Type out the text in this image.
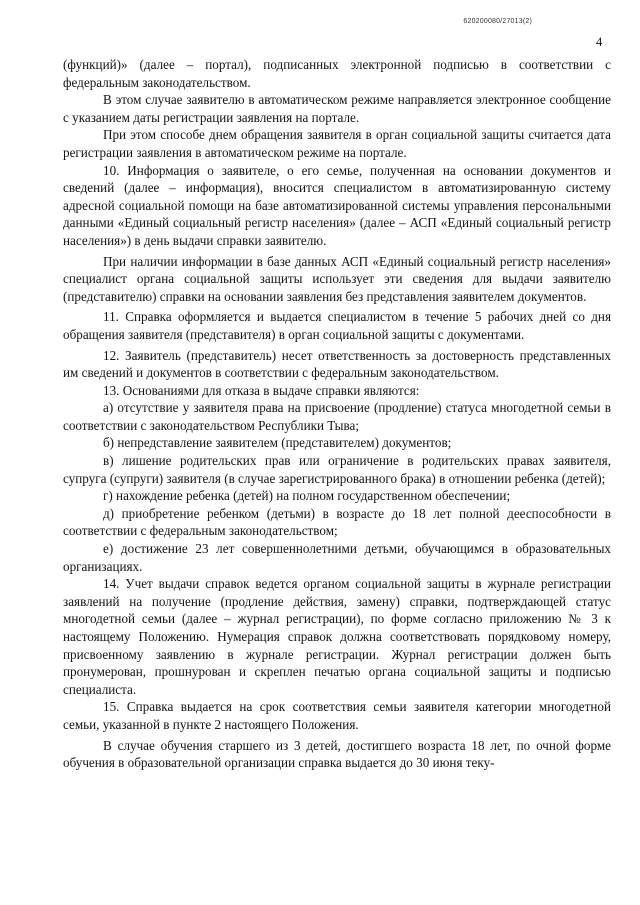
620200080/27013(2)
4

(функций)» (далее – портал), подписанных электронной подписью в соответствии с федеральным законодательством.

В этом случае заявителю в автоматическом режиме направляется электронное сообщение с указанием даты регистрации заявления на портале.

При этом способе днем обращения заявителя в орган социальной защиты считается дата регистрации заявления в автоматическом режиме на портале.

10. Информация о заявителе, о его семье, полученная на основании документов и сведений (далее – информация), вносится специалистом в автоматизированную систему адресной социальной помощи на базе автоматизированной системы управления персональными данными «Единый социальный регистр населения» (далее – АСП «Единый социальный регистр населения») в день выдачи справки заявителю.

При наличии информации в базе данных АСП «Единый социальный регистр населения» специалист органа социальной защиты использует эти сведения для выдачи заявителю (представителю) справки на основании заявления без представления заявителем документов.

11. Справка оформляется и выдается специалистом в течение 5 рабочих дней со дня обращения заявителя (представителя) в орган социальной защиты с документами.

12. Заявитель (представитель) несет ответственность за достоверность представленных им сведений и документов в соответствии с федеральным законодательством.

13. Основаниями для отказа в выдаче справки являются:

а) отсутствие у заявителя права на присвоение (продление) статуса многодетной семьи в соответствии с законодательством Республики Тыва;

б) непредставление заявителем (представителем) документов;

в) лишение родительских прав или ограничение в родительских правах заявителя, супруга (супруги) заявителя (в случае зарегистрированного брака) в отношении ребенка (детей);

г) нахождение ребенка (детей) на полном государственном обеспечении;

д) приобретение ребенком (детьми) в возрасте до 18 лет полной дееспособности в соответствии с федеральным законодательством;

е) достижение 23 лет совершеннолетними детьми, обучающимся в образовательных организациях.

14. Учет выдачи справок ведется органом социальной защиты в журнале регистрации заявлений на получение (продление действия, замену) справки, подтверждающей статус многодетной семьи (далее – журнал регистрации), по форме согласно приложению № 3 к настоящему Положению. Нумерация справок должна соответствовать порядковому номеру, присвоенному заявлению в журнале регистрации. Журнал регистрации должен быть пронумерован, прошнурован и скреплен печатью органа социальной защиты и подписью специалиста.

15. Справка выдается на срок соответствия семьи заявителя категории многодетной семьи, указанной в пункте 2 настоящего Положения.

В случае обучения старшего из 3 детей, достигшего возраста 18 лет, по очной форме обучения в образовательной организации справка выдается до 30 июня теку-
